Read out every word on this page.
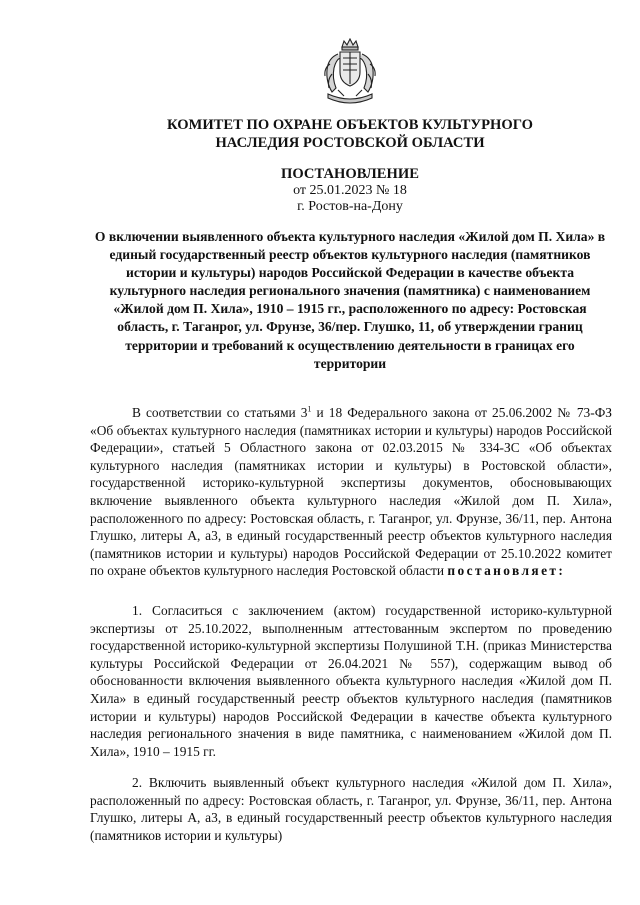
КОМИТЕТ ПО ОХРАНЕ ОБЪЕКТОВ КУЛЬТУРНОГО
НАСЛЕДИЯ РОСТОВСКОЙ ОБЛАСТИ
ПОСТАНОВЛЕНИЕ
от 25.01.2023 № 18
г. Ростов-на-Дону
О включении выявленного объекта культурного наследия «Жилой дом П. Хила» в единый государственный реестр объектов культурного наследия (памятников истории и культуры) народов Российской Федерации в качестве объекта культурного наследия регионального значения (памятника) с наименованием «Жилой дом П. Хила», 1910 – 1915 гг., расположенного по адресу: Ростовская область, г. Таганрог, ул. Фрунзе, 36/пер. Глушко, 11, об утверждении границ территории и требований к осуществлению деятельности в границах его территории

В соответствии со статьями $3^1$ и 18 Федерального закона от 25.06.2002 № 73-ФЗ «Об объектах культурного наследия (памятниках истории и культуры) народов Российской Федерации», статьей 5 Областного закона от 02.03.2015 № 334-ЗС «Об объектах культурного наследия (памятниках истории и культуры) в Ростовской области», государственной историко-культурной экспертизы документов, обосновывающих включение выявленного объекта культурного наследия «Жилой дом П. Хила», расположенного по адресу: Ростовская область, г. Таганрог, ул. Фрунзе, 36/11, пер. Антона Глушко, литеры А, а3, в единый государственный реестр объектов культурного наследия (памятников истории и культуры) народов Российской Федерации от 25.10.2022 комитет по охране объектов культурного наследия Ростовской области постановляет:

1. Согласиться с заключением (актом) государственной историко-культурной экспертизы от 25.10.2022, выполненным аттестованным экспертом по проведению государственной историко-культурной экспертизы Полушиной Т.Н. (приказ Министерства культуры Российской Федерации от 26.04.2021 № 557), содержащим вывод об обоснованности включения выявленного объекта культурного наследия «Жилой дом П. Хила» в единый государственный реестр объектов культурного наследия (памятников истории и культуры) народов Российской Федерации в качестве объекта культурного наследия регионального значения в виде памятника, с наименованием «Жилой дом П. Хила», 1910 – 1915 гг.

2. Включить выявленный объект культурного наследия «Жилой дом П. Хила», расположенный по адресу: Ростовская область, г. Таганрог, ул. Фрунзе, 36/11, пер. Антона Глушко, литеры А, а3, в единый государственный реестр объектов культурного наследия (памятников истории и культуры)
